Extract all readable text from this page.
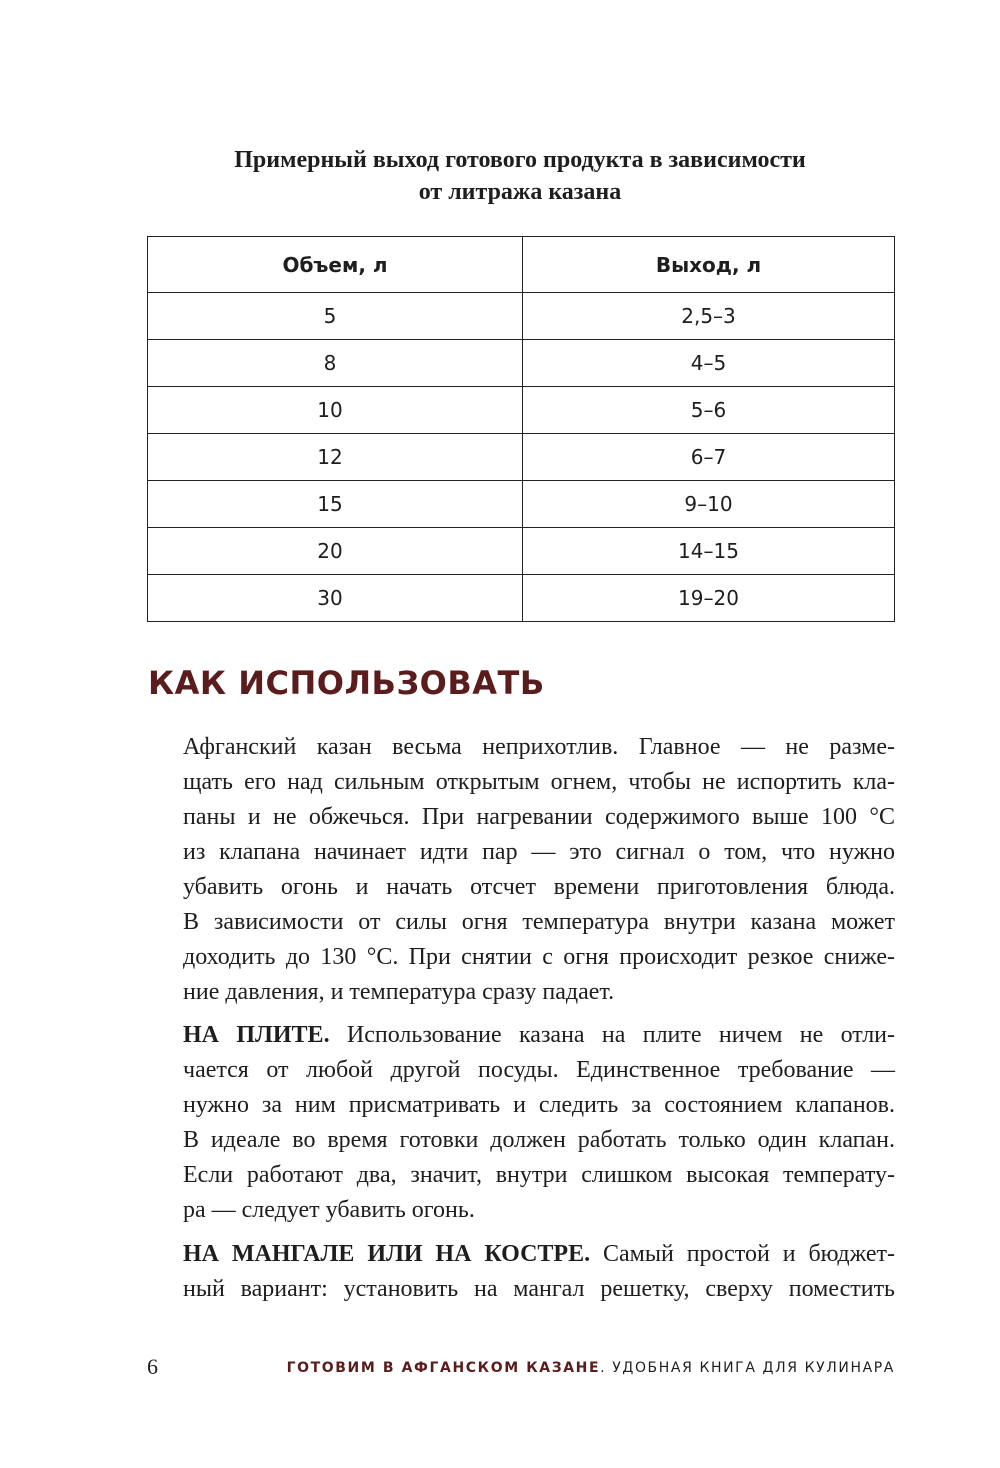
Примерный выход готового продукта в зависимости
от литража казана
Объем, л	Выход, л
5	2,5–3
8	4–5
10	5–6
12	6–7
15	9–10
20	14–15
30	19–20
КАК ИСПОЛЬЗОВАТЬ

Афганский казан весьма неприхотлив. Главное — не разме-
щать его над сильным открытым огнем, чтобы не испортить кла-
паны и не обжечься. При нагревании содержимого выше 100 °С
из клапана начинает идти пар — это сигнал о том, что нужно
убавить огонь и начать отсчет времени приготовления блюда.
В зависимости от силы огня температура внутри казана может
доходить до 130 °С. При снятии с огня происходит резкое сниже-
ние давления, и температура сразу падает.

НА ПЛИТЕ. Использование казана на плите ничем не отли-
чается от любой другой посуды. Единственное требование —
нужно за ним присматривать и следить за состоянием клапанов.
В идеале во время готовки должен работать только один клапан.
Если работают два, значит, внутри слишком высокая температу-
ра — следует убавить огонь.

НА МАНГАЛЕ ИЛИ НА КОСТРЕ. Самый простой и бюджет-
ный вариант: установить на мангал решетку, сверху поместить

6	ГОТОВИМ В АФГАНСКОМ КАЗАНЕ. УДОБНАЯ КНИГА ДЛЯ КУЛИНАРА
